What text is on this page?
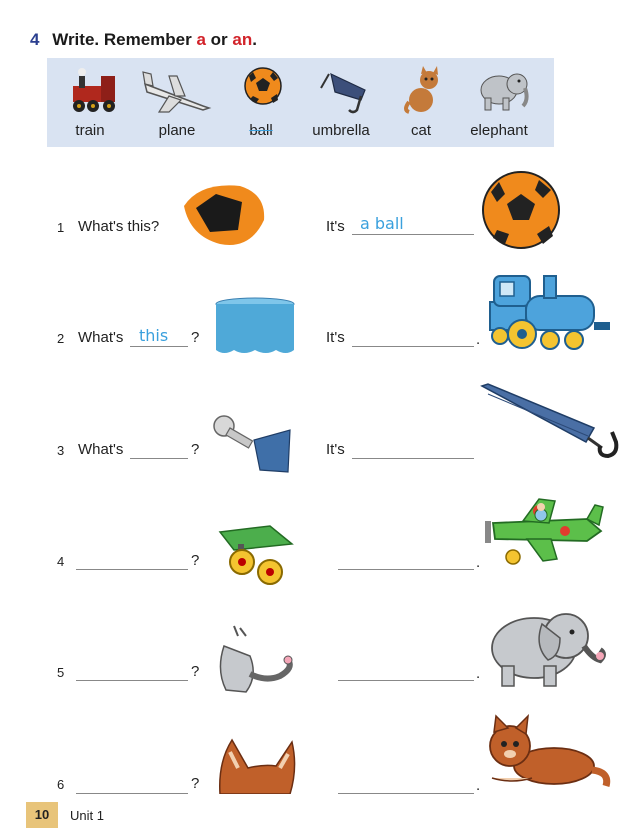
4 Write. Remember a or an.
train	plane	ball	umbrella	cat	elephant
1 What's this?	It's a ball
2 What's this ?	It's	.
3 What's	?	It's
4	?	.
5	?	.
6	?	.
10	Unit 1
